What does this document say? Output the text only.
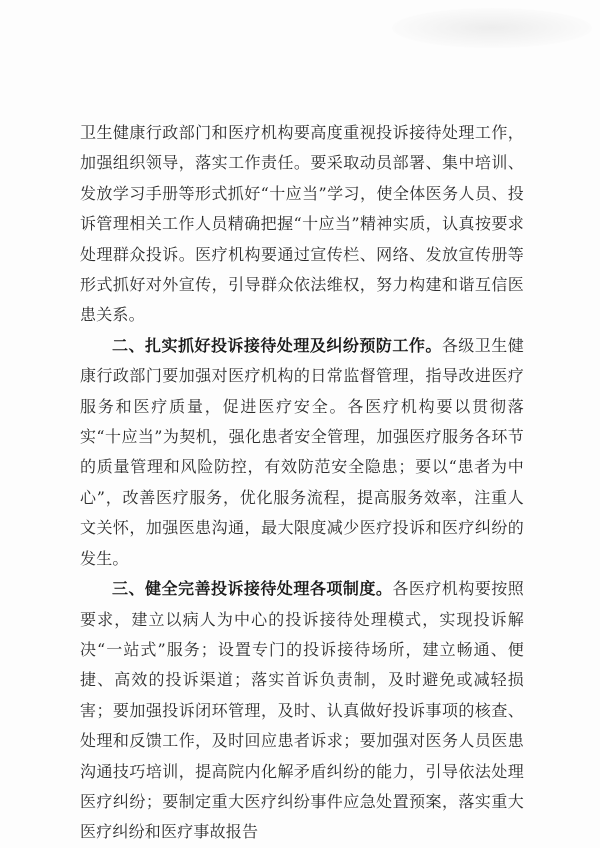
卫生健康行政部门和医疗机构要高度重视投诉接待处理工作，加强组织领导，落实工作责任。要采取动员部署、集中培训、发放学习手册等形式抓好“十应当”学习，使全体医务人员、投诉管理相关工作人员精确把握“十应当”精神实质，认真按要求处理群众投诉。医疗机构要通过宣传栏、网络、发放宣传册等形式抓好对外宣传，引导群众依法维权，努力构建和谐互信医患关系。

二、扎实抓好投诉接待处理及纠纷预防工作。各级卫生健康行政部门要加强对医疗机构的日常监督管理，指导改进医疗服务和医疗质量，促进医疗安全。各医疗机构要以贯彻落实“十应当”为契机，强化患者安全管理，加强医疗服务各环节的质量管理和风险防控，有效防范安全隐患；要以“患者为中心”，改善医疗服务，优化服务流程，提高服务效率，注重人文关怀，加强医患沟通，最大限度减少医疗投诉和医疗纠纷的发生。

三、健全完善投诉接待处理各项制度。各医疗机构要按照要求，建立以病人为中心的投诉接待处理模式，实现投诉解决“一站式”服务；设置专门的投诉接待场所，建立畅通、便捷、高效的投诉渠道；落实首诉负责制，及时避免或减轻损害；要加强投诉闭环管理，及时、认真做好投诉事项的核查、处理和反馈工作，及时回应患者诉求；要加强对医务人员医患沟通技巧培训，提高院内化解矛盾纠纷的能力，引导依法处理医疗纠纷；要制定重大医疗纠纷事件应急处置预案，落实重大医疗纠纷和医疗事故报告
